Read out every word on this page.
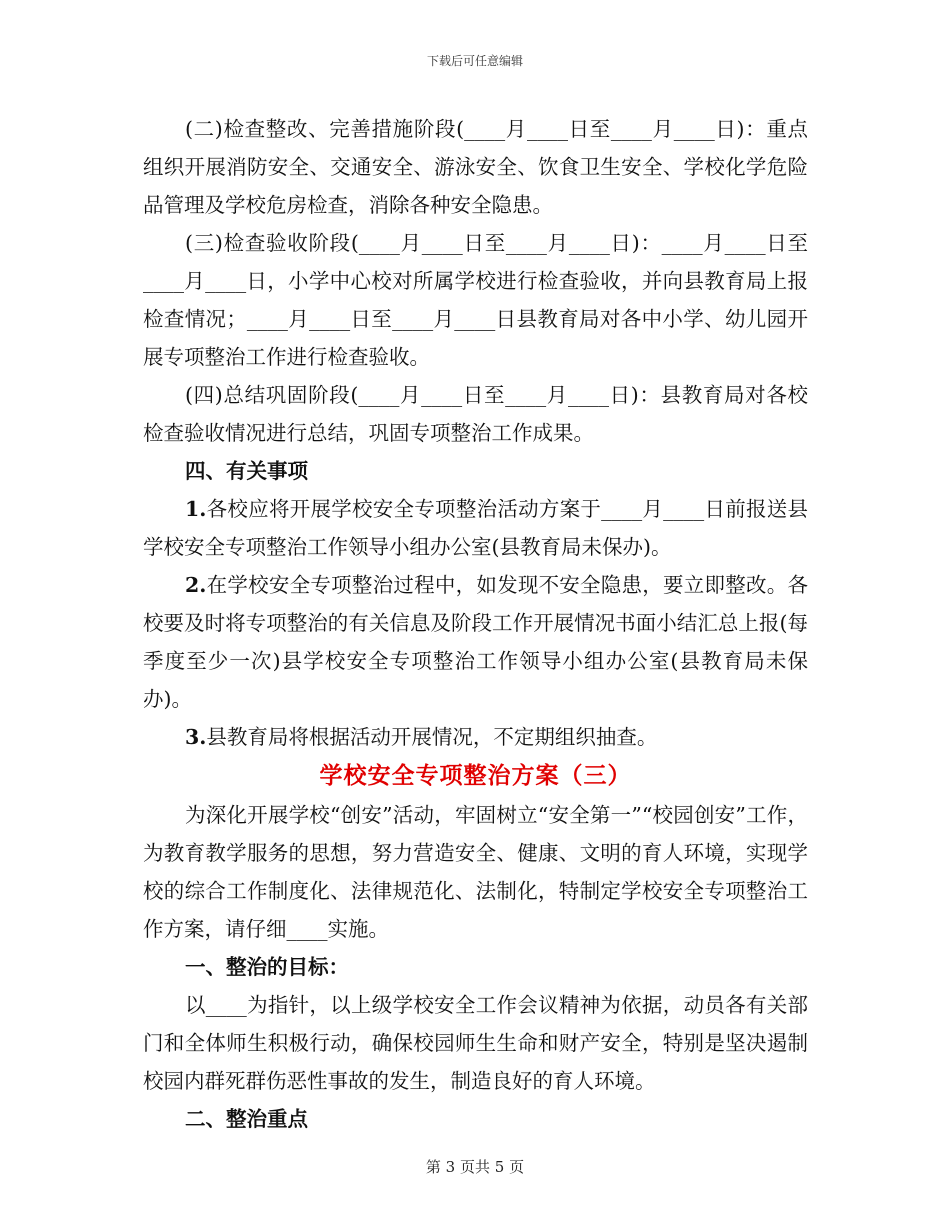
下载后可任意编辑

(二)检查整改、完善措施阶段(____月____日至____月____日)：重点组织开展消防安全、交通安全、游泳安全、饮食卫生安全、学校化学危险品管理及学校危房检查，消除各种安全隐患。

(三)检查验收阶段(____月____日至____月____日)：____月____日至____月____日，小学中心校对所属学校进行检查验收，并向县教育局上报检查情况；____月____日至____月____日县教育局对各中小学、幼儿园开展专项整治工作进行检查验收。

(四)总结巩固阶段(____月____日至____月____日)：县教育局对各校检查验收情况进行总结，巩固专项整治工作成果。

四、有关事项

1.各校应将开展学校安全专项整治活动方案于____月____日前报送县学校安全专项整治工作领导小组办公室(县教育局未保办)。

2.在学校安全专项整治过程中，如发现不安全隐患，要立即整改。各校要及时将专项整治的有关信息及阶段工作开展情况书面小结汇总上报(每季度至少一次)县学校安全专项整治工作领导小组办公室(县教育局未保办)。

3.县教育局将根据活动开展情况，不定期组织抽查。

学校安全专项整治方案（三）

为深化开展学校“创安”活动，牢固树立“安全第一”“校园创安”工作，为教育教学服务的思想，努力营造安全、健康、文明的育人环境，实现学校的综合工作制度化、法律规范化、法制化，特制定学校安全专项整治工作方案，请仔细____实施。

一、整治的目标：

以____为指针，以上级学校安全工作会议精神为依据，动员各有关部门和全体师生积极行动，确保校园师生生命和财产安全，特别是坚决遏制校园内群死群伤恶性事故的发生，制造良好的育人环境。

二、整治重点

第 3 页共 5 页
